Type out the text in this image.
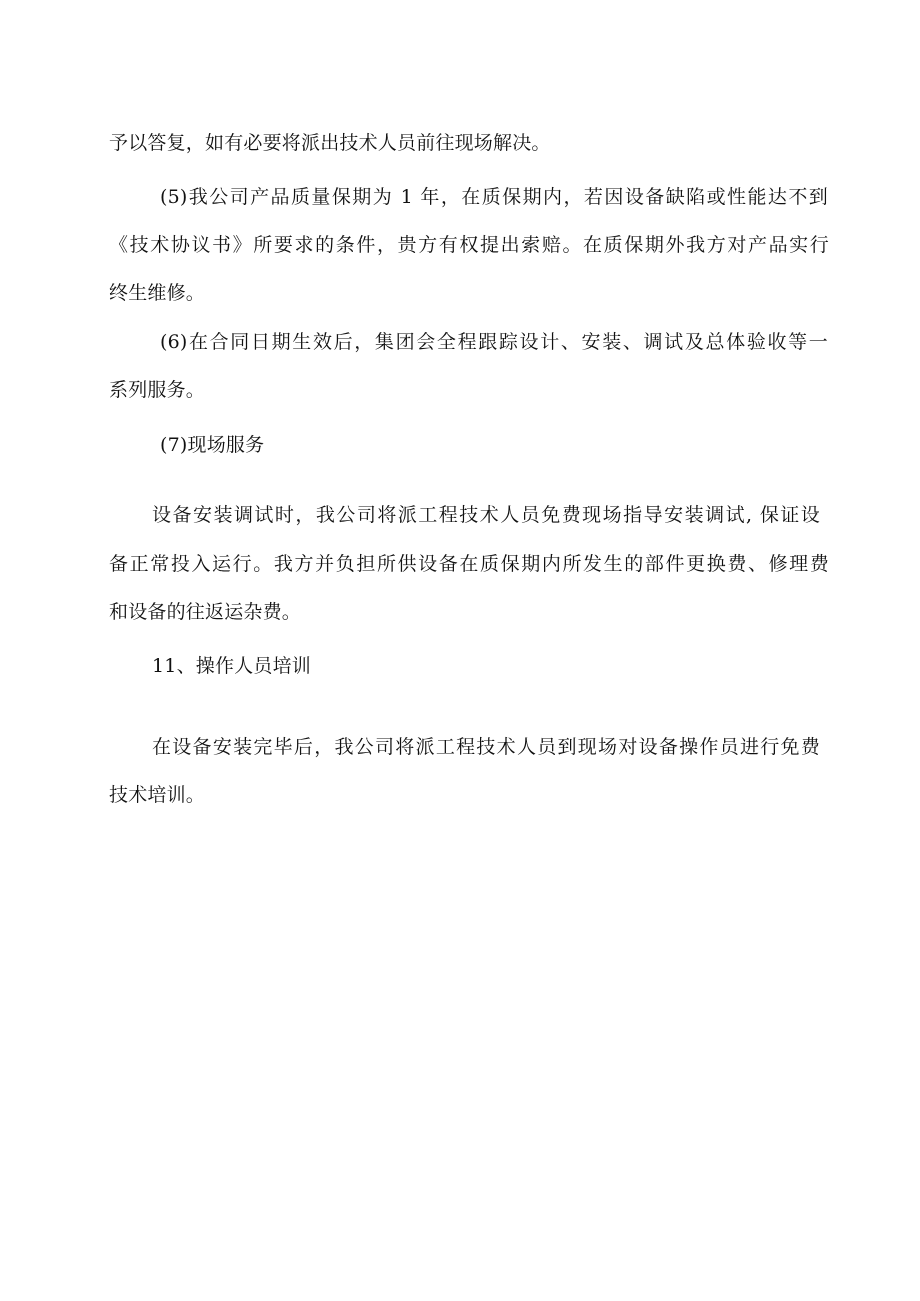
予以答复，如有必要将派出技术人员前往现场解决。
(5)我公司产品质量保期为 1 年，在质保期内，若因设备缺陷或性能达不到
《技术协议书》所要求的条件，贵方有权提出索赔。在质保期外我方对产品实行
终生维修。
(6)在合同日期生效后，集团会全程跟踪设计、安装、调试及总体验收等一
系列服务。
(7)现场服务
设备安装调试时，我公司将派工程技术人员免费现场指导安装调试, 保证设
备正常投入运行。我方并负担所供设备在质保期内所发生的部件更换费、修理费
和设备的往返运杂费。
11、操作人员培训
在设备安装完毕后，我公司将派工程技术人员到现场对设备操作员进行免费
技术培训。
